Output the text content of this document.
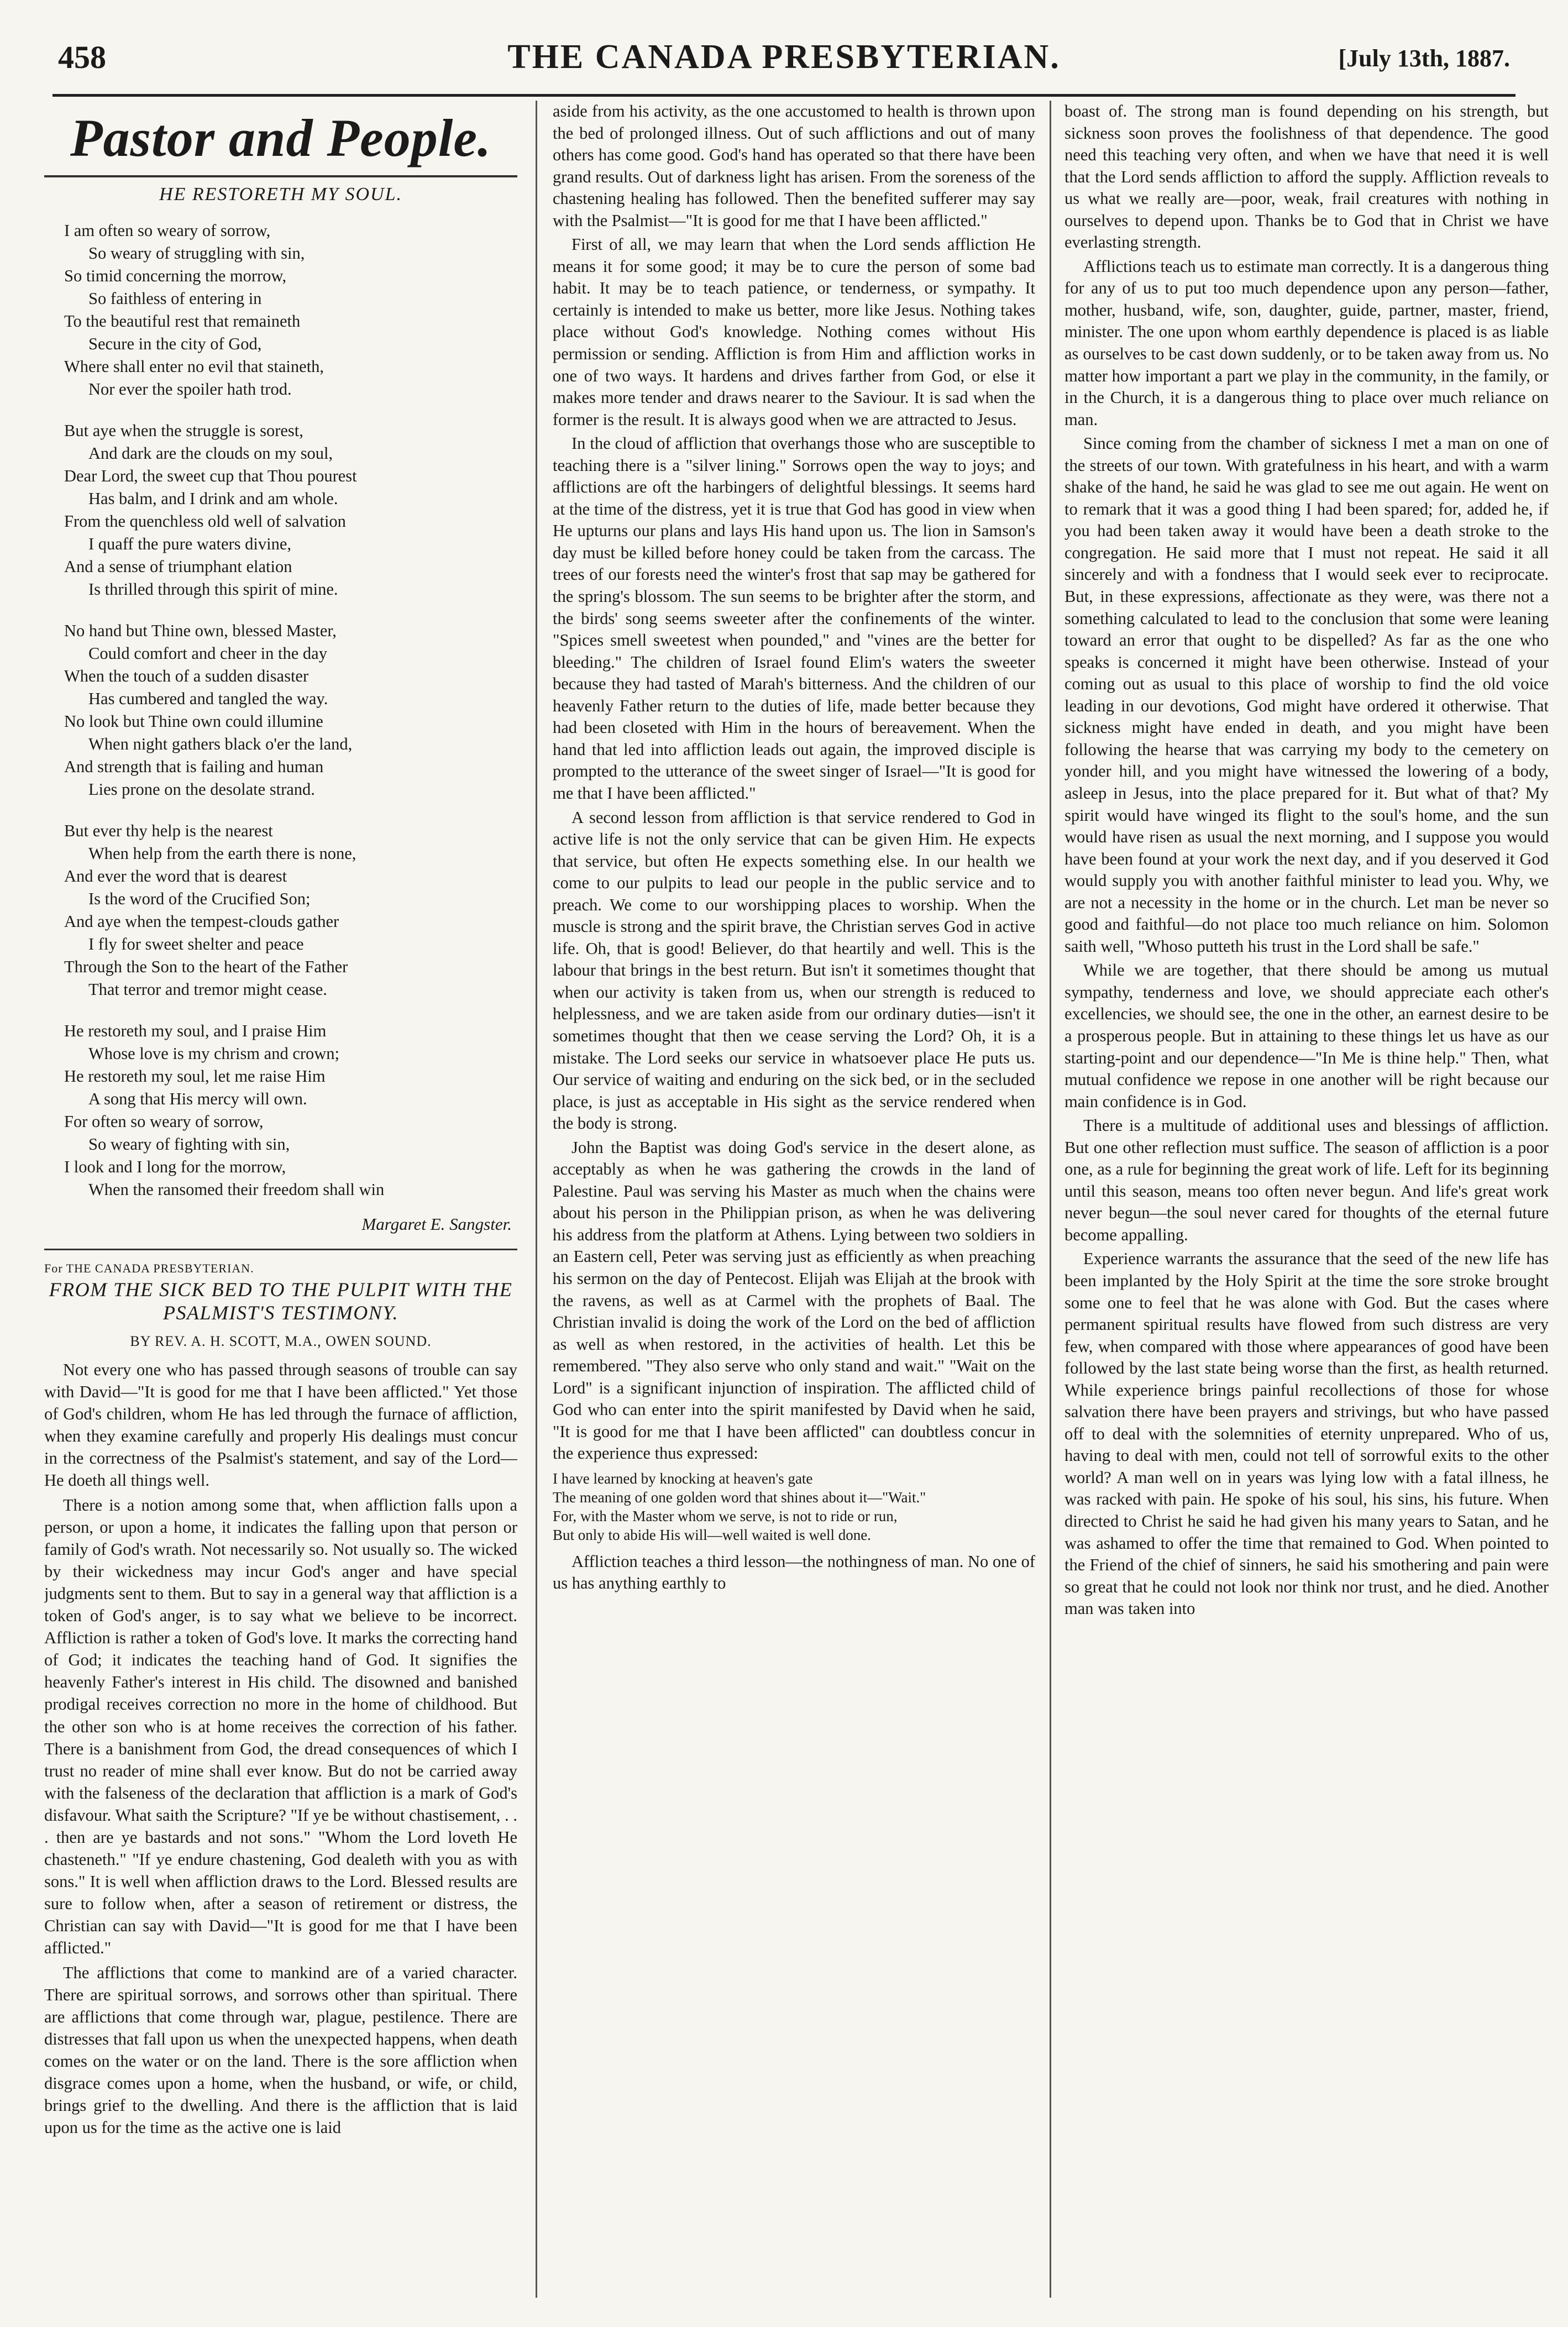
458	THE CANADA PRESBYTERIAN.	[July 13th, 1887.
Pastor and People.
HE RESTORETH MY SOUL.
I am often so weary of sorrow,
So weary of struggling with sin,
So timid concerning the morrow,
So faithless of entering in
To the beautiful rest that remaineth
Secure in the city of God,
Where shall enter no evil that staineth,
Nor ever the spoiler hath trod.
But aye when the struggle is sorest,
And dark are the clouds on my soul,
Dear Lord, the sweet cup that Thou pourest
Has balm, and I drink and am whole.
From the quenchless old well of salvation
I quaff the pure waters divine,
And a sense of triumphant elation
Is thrilled through this spirit of mine.
No hand but Thine own, blessed Master,
Could comfort and cheer in the day
When the touch of a sudden disaster
Has cumbered and tangled the way.
No look but Thine own could illumine
When night gathers black o'er the land,
And strength that is failing and human
Lies prone on the desolate strand.
But ever thy help is the nearest
When help from the earth there is none,
And ever the word that is dearest
Is the word of the Crucified Son;
And aye when the tempest-clouds gather
I fly for sweet shelter and peace
Through the Son to the heart of the Father
That terror and tremor might cease.
He restoreth my soul, and I praise Him
Whose love is my chrism and crown;
He restoreth my soul, let me raise Him
A song that His mercy will own.
For often so weary of sorrow,
So weary of fighting with sin,
I look and I long for the morrow,
When the ransomed their freedom shall win
Margaret E. Sangster.
For THE CANADA PRESBYTERIAN.
FROM THE SICK BED TO THE PULPIT WITH THE PSALMIST'S TESTIMONY.
BY REV. A. H. SCOTT, M.A., OWEN SOUND.

Not every one who has passed through seasons of trouble can say with David—"It is good for me that I have been afflicted." Yet those of God's children, whom He has led through the furnace of affliction, when they examine carefully and properly His dealings must concur in the correctness of the Psalmist's statement, and say of the Lord—He doeth all things well.

There is a notion among some that, when affliction falls upon a person, or upon a home, it indicates the falling upon that person or family of God's wrath. Not necessarily so. Not usually so. The wicked by their wickedness may incur God's anger and have special judgments sent to them. But to say in a general way that affliction is a token of God's anger, is to say what we believe to be incorrect. Affliction is rather a token of God's love. It marks the correcting hand of God; it indicates the teaching hand of God. It signifies the heavenly Father's interest in His child. The disowned and banished prodigal receives correction no more in the home of childhood. But the other son who is at home receives the correction of his father. There is a banishment from God, the dread consequences of which I trust no reader of mine shall ever know. But do not be carried away with the falseness of the declaration that affliction is a mark of God's disfavour. What saith the Scripture? "If ye be without chastisement, . . . then are ye bastards and not sons." "Whom the Lord loveth He chasteneth." "If ye endure chastening, God dealeth with you as with sons." It is well when affliction draws to the Lord. Blessed results are sure to follow when, after a season of retirement or distress, the Christian can say with David—"It is good for me that I have been afflicted."

The afflictions that come to mankind are of a varied character. There are spiritual sorrows, and sorrows other than spiritual. There are afflictions that come through war, plague, pestilence. There are distresses that fall upon us when the unexpected happens, when death comes on the water or on the land. There is the sore affliction when disgrace comes upon a home, when the husband, or wife, or child, brings grief to the dwelling. And there is the affliction that is laid upon us for the time as the active one is laid

aside from his activity, as the one accustomed to health is thrown upon the bed of prolonged illness. Out of such afflictions and out of many others has come good. God's hand has operated so that there have been grand results. Out of darkness light has arisen. From the soreness of the chastening healing has followed. Then the benefited sufferer may say with the Psalmist—"It is good for me that I have been afflicted."

First of all, we may learn that when the Lord sends affliction He means it for some good; it may be to cure the person of some bad habit. It may be to teach patience, or tenderness, or sympathy. It certainly is intended to make us better, more like Jesus. Nothing takes place without God's knowledge. Nothing comes without His permission or sending. Affliction is from Him and affliction works in one of two ways. It hardens and drives farther from God, or else it makes more tender and draws nearer to the Saviour. It is sad when the former is the result. It is always good when we are attracted to Jesus.

In the cloud of affliction that overhangs those who are susceptible to teaching there is a "silver lining." Sorrows open the way to joys; and afflictions are oft the harbingers of delightful blessings. It seems hard at the time of the distress, yet it is true that God has good in view when He upturns our plans and lays His hand upon us. The lion in Samson's day must be killed before honey could be taken from the carcass. The trees of our forests need the winter's frost that sap may be gathered for the spring's blossom. The sun seems to be brighter after the storm, and the birds' song seems sweeter after the confinements of the winter. "Spices smell sweetest when pounded," and "vines are the better for bleeding." The children of Israel found Elim's waters the sweeter because they had tasted of Marah's bitterness. And the children of our heavenly Father return to the duties of life, made better because they had been closeted with Him in the hours of bereavement. When the hand that led into affliction leads out again, the improved disciple is prompted to the utterance of the sweet singer of Israel—"It is good for me that I have been afflicted."

A second lesson from affliction is that service rendered to God in active life is not the only service that can be given Him. He expects that service, but often He expects something else. In our health we come to our pulpits to lead our people in the public service and to preach. We come to our worshipping places to worship. When the muscle is strong and the spirit brave, the Christian serves God in active life. Oh, that is good! Believer, do that heartily and well. This is the labour that brings in the best return. But isn't it sometimes thought that when our activity is taken from us, when our strength is reduced to helplessness, and we are taken aside from our ordinary duties—isn't it sometimes thought that then we cease serving the Lord? Oh, it is a mistake. The Lord seeks our service in whatsoever place He puts us. Our service of waiting and enduring on the sick bed, or in the secluded place, is just as acceptable in His sight as the service rendered when the body is strong.

John the Baptist was doing God's service in the desert alone, as acceptably as when he was gathering the crowds in the land of Palestine. Paul was serving his Master as much when the chains were about his person in the Philippian prison, as when he was delivering his address from the platform at Athens. Lying between two soldiers in an Eastern cell, Peter was serving just as efficiently as when preaching his sermon on the day of Pentecost. Elijah was Elijah at the brook with the ravens, as well as at Carmel with the prophets of Baal. The Christian invalid is doing the work of the Lord on the bed of affliction as well as when restored, in the activities of health. Let this be remembered. "They also serve who only stand and wait." "Wait on the Lord" is a significant injunction of inspiration. The afflicted child of God who can enter into the spirit manifested by David when he said, "It is good for me that I have been afflicted" can doubtless concur in the experience thus expressed:

I have learned by knocking at heaven's gate
The meaning of one golden word that shines about it—"Wait."
For, with the Master whom we serve, is not to ride or run,
But only to abide His will—well waited is well done.

Affliction teaches a third lesson—the nothingness of man. No one of us has anything earthly to

boast of. The strong man is found depending on his strength, but sickness soon proves the foolishness of that dependence. The good need this teaching very often, and when we have that need it is well that the Lord sends affliction to afford the supply. Affliction reveals to us what we really are—poor, weak, frail creatures with nothing in ourselves to depend upon. Thanks be to God that in Christ we have everlasting strength.

Afflictions teach us to estimate man correctly. It is a dangerous thing for any of us to put too much dependence upon any person—father, mother, husband, wife, son, daughter, guide, partner, master, friend, minister. The one upon whom earthly dependence is placed is as liable as ourselves to be cast down suddenly, or to be taken away from us. No matter how important a part we play in the community, in the family, or in the Church, it is a dangerous thing to place over much reliance on man.

Since coming from the chamber of sickness I met a man on one of the streets of our town. With gratefulness in his heart, and with a warm shake of the hand, he said he was glad to see me out again. He went on to remark that it was a good thing I had been spared; for, added he, if you had been taken away it would have been a death stroke to the congregation. He said more that I must not repeat. He said it all sincerely and with a fondness that I would seek ever to reciprocate. But, in these expressions, affectionate as they were, was there not a something calculated to lead to the conclusion that some were leaning toward an error that ought to be dispelled? As far as the one who speaks is concerned it might have been otherwise. Instead of your coming out as usual to this place of worship to find the old voice leading in our devotions, God might have ordered it otherwise. That sickness might have ended in death, and you might have been following the hearse that was carrying my body to the cemetery on yonder hill, and you might have witnessed the lowering of a body, asleep in Jesus, into the place prepared for it. But what of that? My spirit would have winged its flight to the soul's home, and the sun would have risen as usual the next morning, and I suppose you would have been found at your work the next day, and if you deserved it God would supply you with another faithful minister to lead you. Why, we are not a necessity in the home or in the church. Let man be never so good and faithful—do not place too much reliance on him. Solomon saith well, "Whoso putteth his trust in the Lord shall be safe."

While we are together, that there should be among us mutual sympathy, tenderness and love, we should appreciate each other's excellencies, we should see, the one in the other, an earnest desire to be a prosperous people. But in attaining to these things let us have as our starting-point and our dependence—"In Me is thine help." Then, what mutual confidence we repose in one another will be right because our main confidence is in God.

There is a multitude of additional uses and blessings of affliction. But one other reflection must suffice. The season of affliction is a poor one, as a rule for beginning the great work of life. Left for its beginning until this season, means too often never begun. And life's great work never begun—the soul never cared for thoughts of the eternal future become appalling.

Experience warrants the assurance that the seed of the new life has been implanted by the Holy Spirit at the time the sore stroke brought some one to feel that he was alone with God. But the cases where permanent spiritual results have flowed from such distress are very few, when compared with those where appearances of good have been followed by the last state being worse than the first, as health returned. While experience brings painful recollections of those for whose salvation there have been prayers and strivings, but who have passed off to deal with the solemnities of eternity unprepared. Who of us, having to deal with men, could not tell of sorrowful exits to the other world? A man well on in years was lying low with a fatal illness, he was racked with pain. He spoke of his soul, his sins, his future. When directed to Christ he said he had given his many years to Satan, and he was ashamed to offer the time that remained to God. When pointed to the Friend of the chief of sinners, he said his smothering and pain were so great that he could not look nor think nor trust, and he died. Another man was taken into
